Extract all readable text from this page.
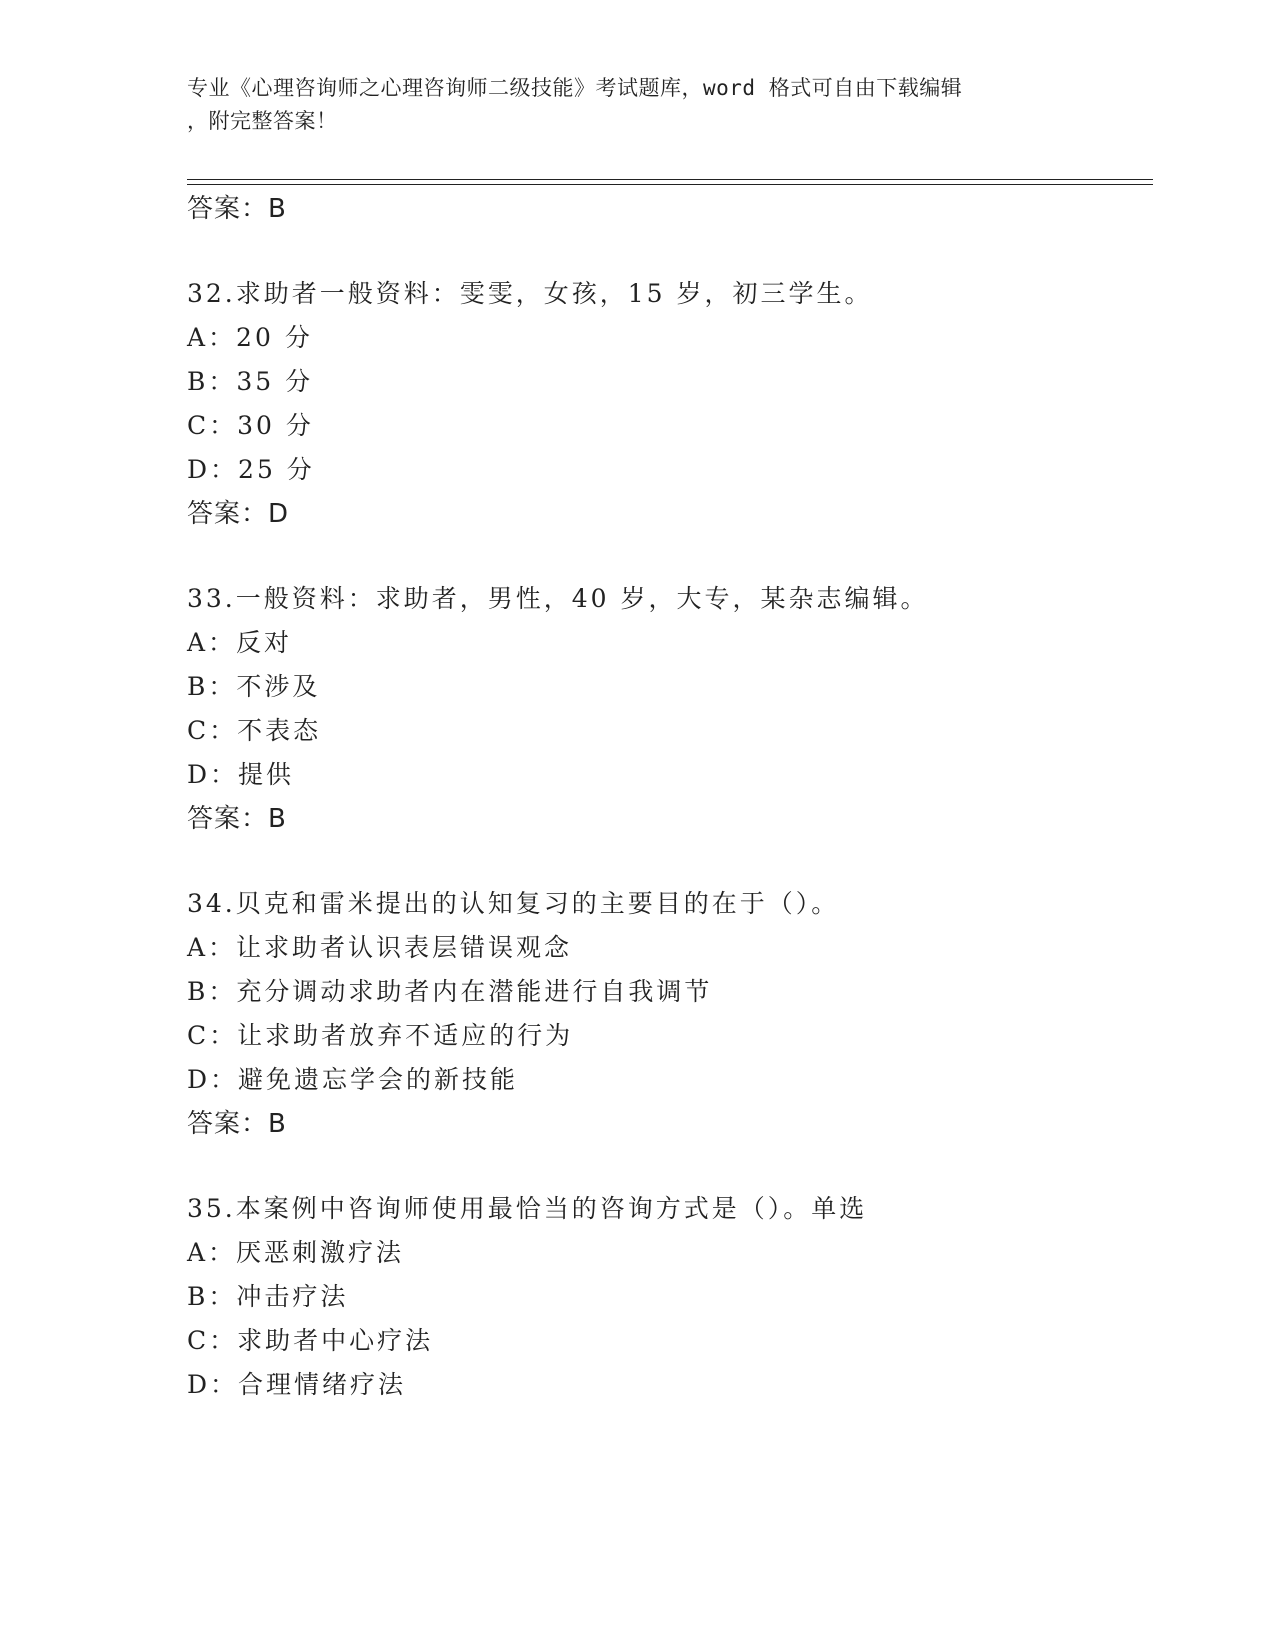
专业《心理咨询师之心理咨询师二级技能》考试题库，word 格式可自由下载编辑
，附完整答案！
答案：B
32.求助者一般资料：雯雯，女孩，15 岁，初三学生。
A：20 分
B：35 分
C：30 分
D：25 分
答案：D
33.一般资料：求助者，男性，40 岁，大专，某杂志编辑。
A：反对
B：不涉及
C：不表态
D：提供
答案：B
34.贝克和雷米提出的认知复习的主要目的在于（）。
A：让求助者认识表层错误观念
B：充分调动求助者内在潜能进行自我调节
C：让求助者放弃不适应的行为
D：避免遗忘学会的新技能
答案：B
35.本案例中咨询师使用最恰当的咨询方式是（）。单选
A：厌恶刺激疗法
B：冲击疗法
C：求助者中心疗法
D：合理情绪疗法
